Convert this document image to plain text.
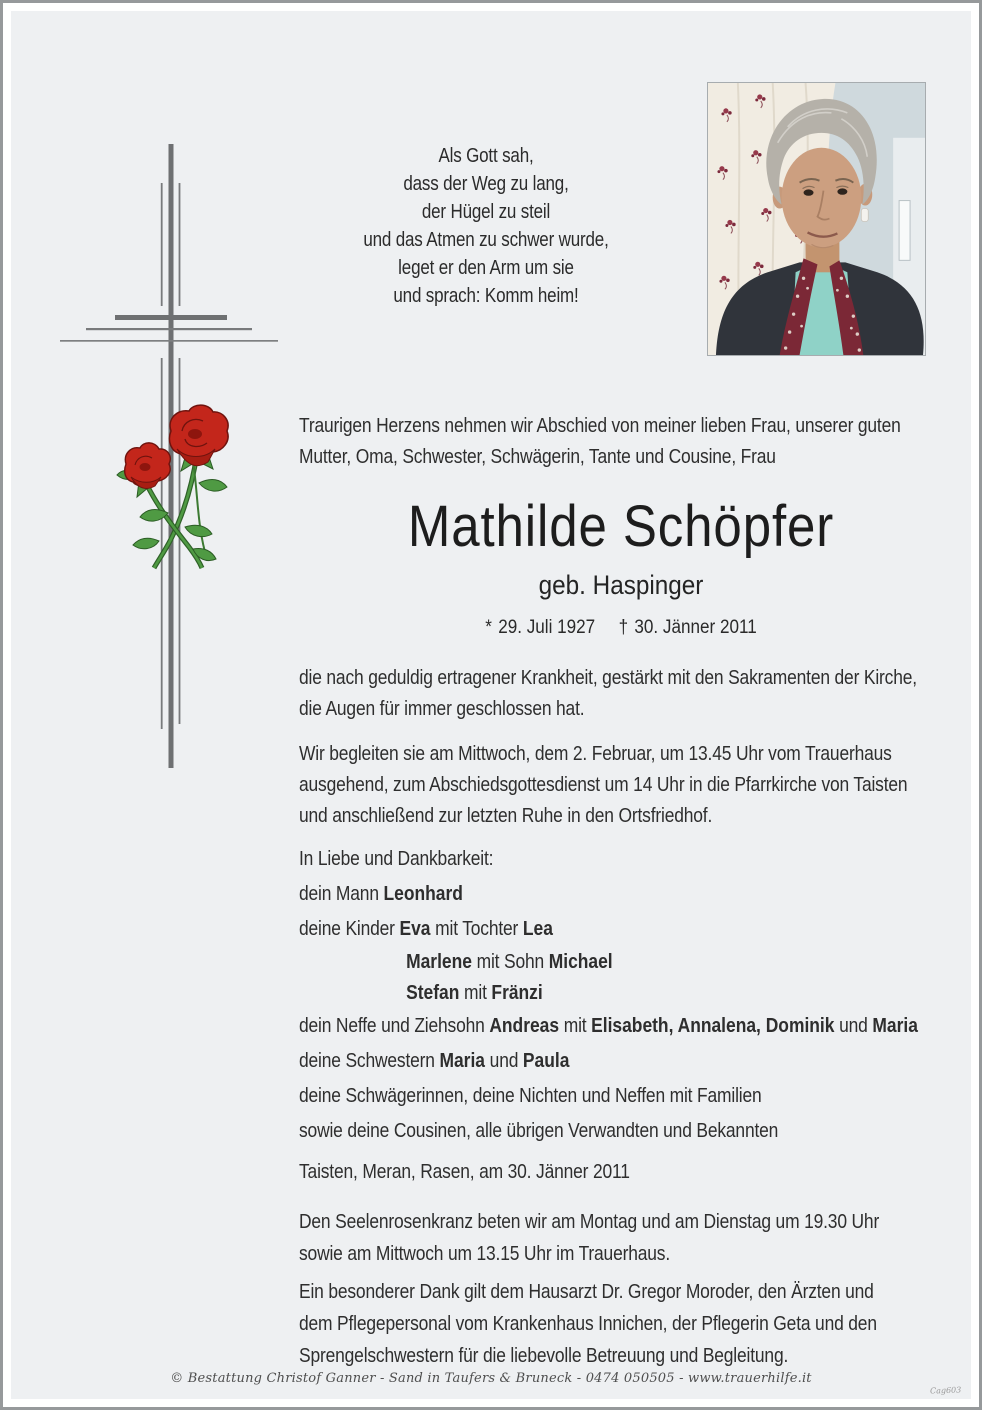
Als Gott sah,
dass der Weg zu lang,
der Hügel zu steil
und das Atmen zu schwer wurde,
leget er den Arm um sie
und sprach: Komm heim!
Traurigen Herzens nehmen wir Abschied von meiner lieben Frau, unserer guten
Mutter, Oma, Schwester, Schwägerin, Tante und Cousine, Frau
Mathilde Schöpfer
geb. Haspinger
* 29. Juli 1927 † 30. Jänner 2011
die nach geduldig ertragener Krankheit, gestärkt mit den Sakramenten der Kirche,
die Augen für immer geschlossen hat.
Wir begleiten sie am Mittwoch, dem 2. Februar, um 13.45 Uhr vom Trauerhaus
ausgehend, zum Abschiedsgottesdienst um 14 Uhr in die Pfarrkirche von Taisten
und anschließend zur letzten Ruhe in den Ortsfriedhof.
In Liebe und Dankbarkeit:
dein Mann Leonhard
deine Kinder Eva mit Tochter Lea
Marlene mit Sohn Michael
Stefan mit Fränzi
dein Neffe und Ziehsohn Andreas mit Elisabeth, Annalena, Dominik und Maria
deine Schwestern Maria und Paula
deine Schwägerinnen, deine Nichten und Neffen mit Familien
sowie deine Cousinen, alle übrigen Verwandten und Bekannten
Taisten, Meran, Rasen, am 30. Jänner 2011
Den Seelenrosenkranz beten wir am Montag und am Dienstag um 19.30 Uhr
sowie am Mittwoch um 13.15 Uhr im Trauerhaus.
Ein besonderer Dank gilt dem Hausarzt Dr. Gregor Moroder, den Ärzten und
dem Pflegepersonal vom Krankenhaus Innichen, der Pflegerin Geta und den
Sprengelschwestern für die liebevolle Betreuung und Begleitung.
© Bestattung Christof Ganner - Sand in Taufers & Bruneck - 0474 050505 - www.trauerhilfe.it
Cag603
